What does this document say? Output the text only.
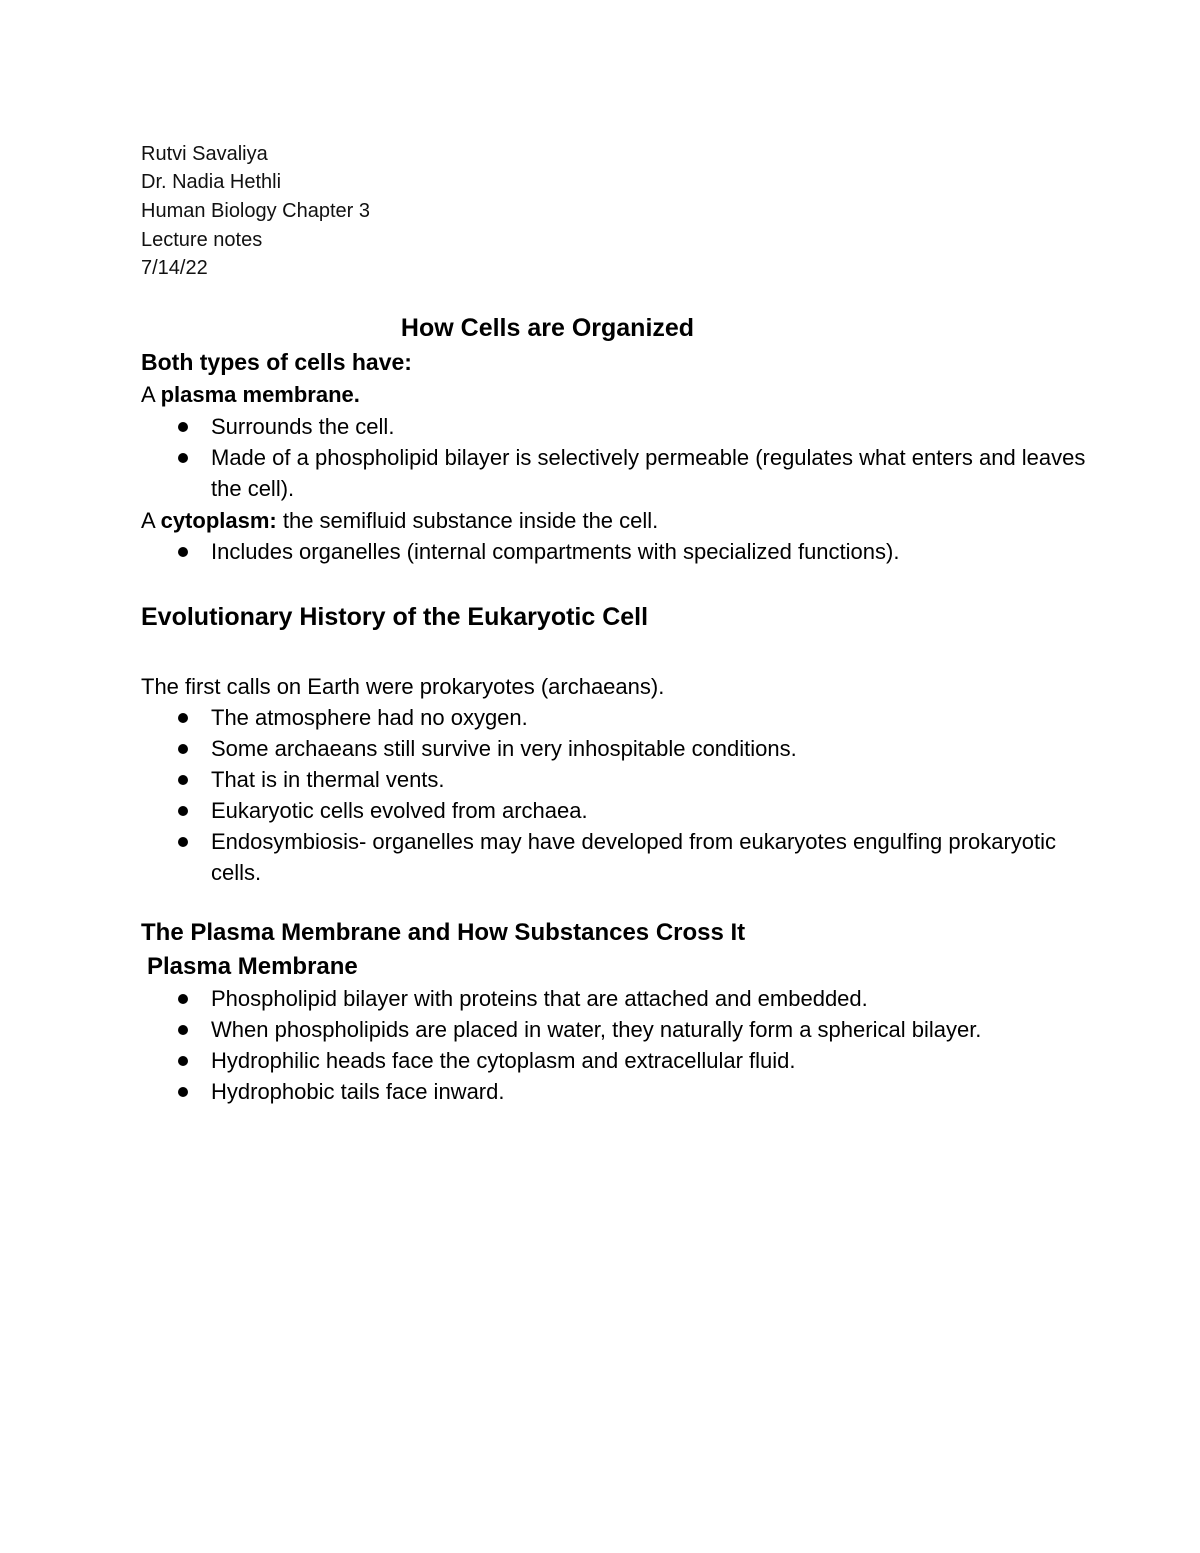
Rutvi Savaliya
Dr. Nadia Hethli
Human Biology Chapter 3
Lecture notes
7/14/22
How Cells are Organized
Both types of cells have:
A plasma membrane.
Surrounds the cell.
Made of a phospholipid bilayer is selectively permeable (regulates what enters and leaves the cell).
A cytoplasm: the semifluid substance inside the cell.
Includes organelles (internal compartments with specialized functions).
Evolutionary History of the Eukaryotic Cell
The first calls on Earth were prokaryotes (archaeans).
The atmosphere had no oxygen.
Some archaeans still survive in very inhospitable conditions.
That is in thermal vents.
Eukaryotic cells evolved from archaea.
Endosymbiosis- organelles may have developed from eukaryotes engulfing prokaryotic cells.
The Plasma Membrane and How Substances Cross It
Plasma Membrane
Phospholipid bilayer with proteins that are attached and embedded.
When phospholipids are placed in water, they naturally form a spherical bilayer.
Hydrophilic heads face the cytoplasm and extracellular fluid.
Hydrophobic tails face inward.
